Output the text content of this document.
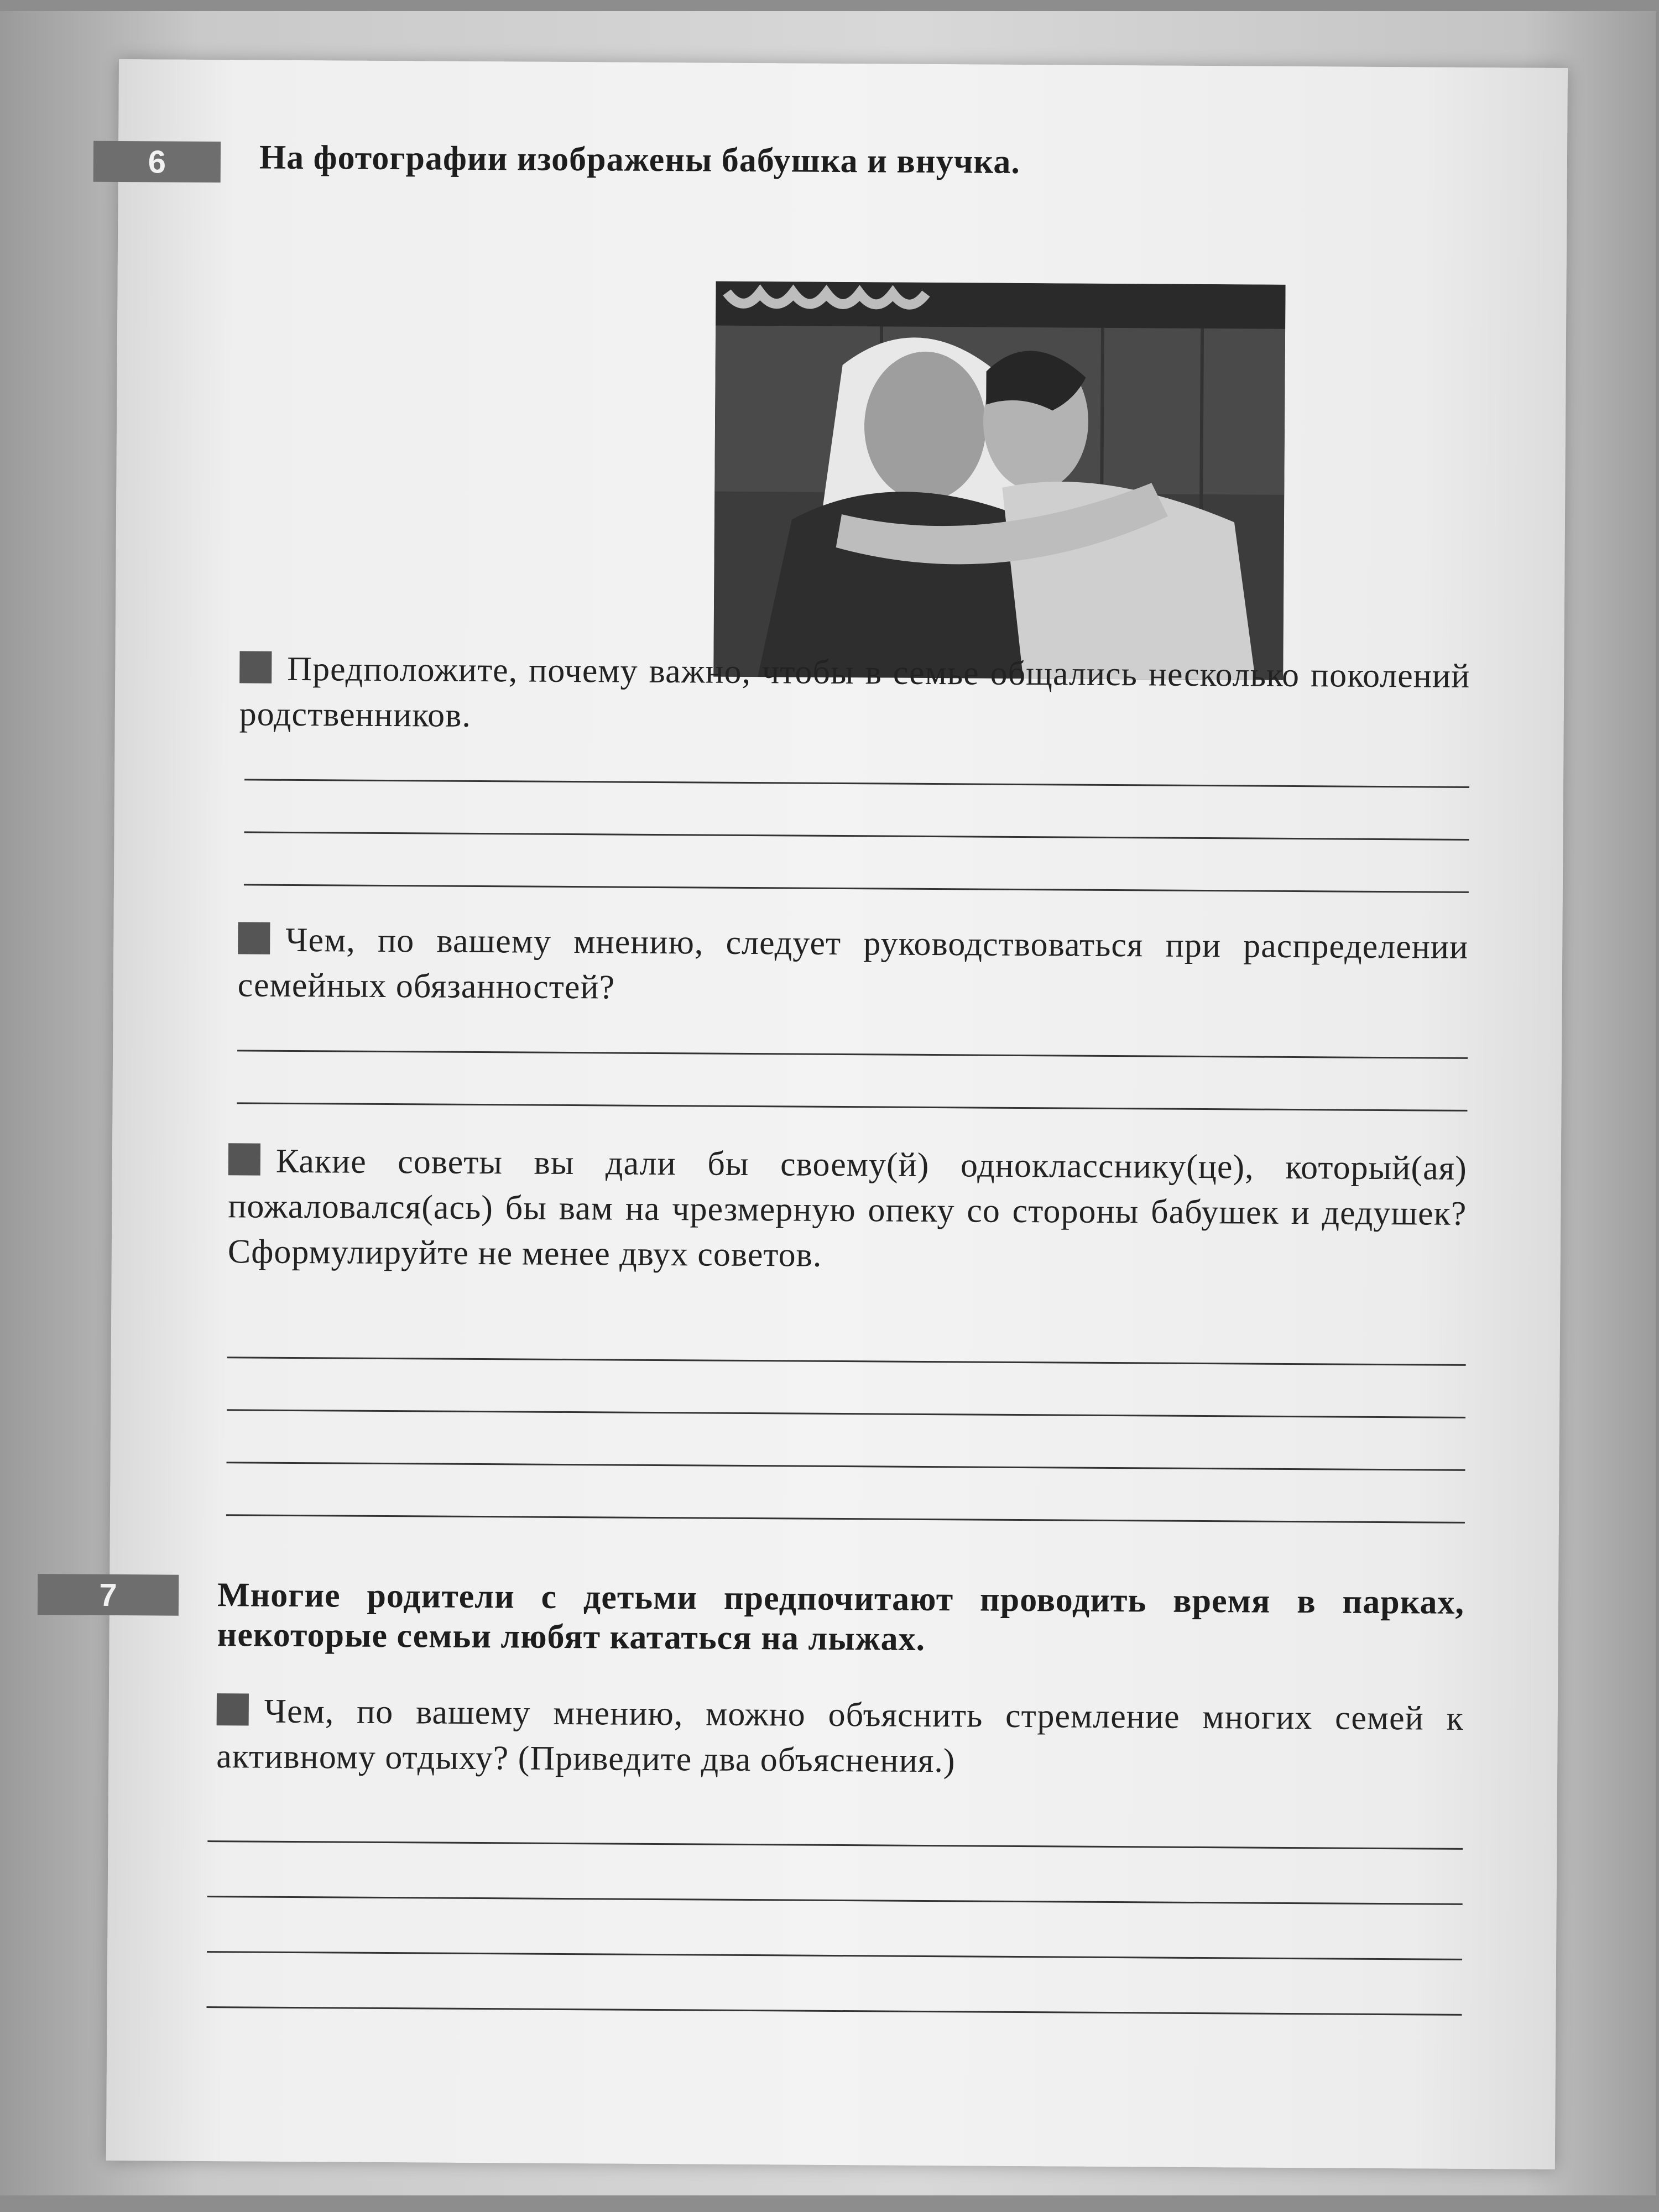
6	На фотографии изображены бабушка и внучка.
Предположите, почему важно, чтобы в семье общались несколько поколений родственников.
Чем, по вашему мнению, следует руководствоваться при распределении семейных обязанностей?
Какие советы вы дали бы своему(й) однокласснику(це), который(ая) пожаловался(ась) бы вам на чрезмерную опеку со стороны бабушек и дедушек? Сформулируйте не менее двух советов.
7	Многие родители с детьми предпочитают проводить время в парках, некоторые семьи любят кататься на лыжах.
Чем, по вашему мнению, можно объяснить стремление многих семей к активному отдыху? (Приведите два объяснения.)
